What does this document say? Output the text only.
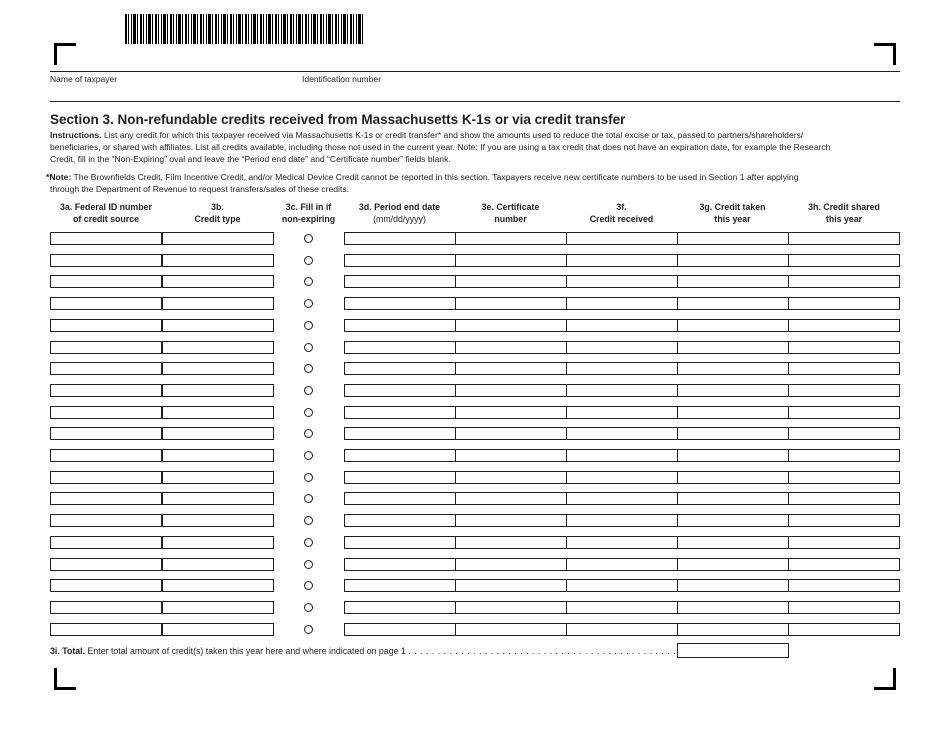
Name of taxpayer	Identification number
Section 3. Non-refundable credits received from Massachusetts K-1s or via credit transfer
Instructions. List any credit for which this taxpayer received via Massachusetts K-1s or credit transfer* and show the amounts used to reduce the total excise or tax, passed to partners/shareholders/
beneficiaries, or shared with affiliates. List all credits available, including those not used in the current year. Note: If you are using a tax credit that does not have an expiration date, for example the Research
Credit, fill in the “Non-Expiring” oval and leave the “Period end date” and “Certificate number” fields blank.
*Note: The Brownfields Credit, Film Incentive Credit, and/or Medical Device Credit cannot be reported in this section. Taxpayers receive new certificate numbers to be used in Section 1 after applying
through the Department of Revenue to request transfers/sales of these credits.
3a. Federal ID number
of credit source
3b.
Credit type
3c. Fill in if
non-expiring
3d. Period end date
(mm/dd/yyyy)
3e. Certificate
number
3f.
Credit received
3g. Credit taken
this year
3h. Credit shared
this year
3i. Total. Enter total amount of credit(s) taken this year here and where indicated on page 1 . . . . . . . . . . . . . . . . . . . . . . . . . . . . . . . . . . . . . . . . . . . . . .
